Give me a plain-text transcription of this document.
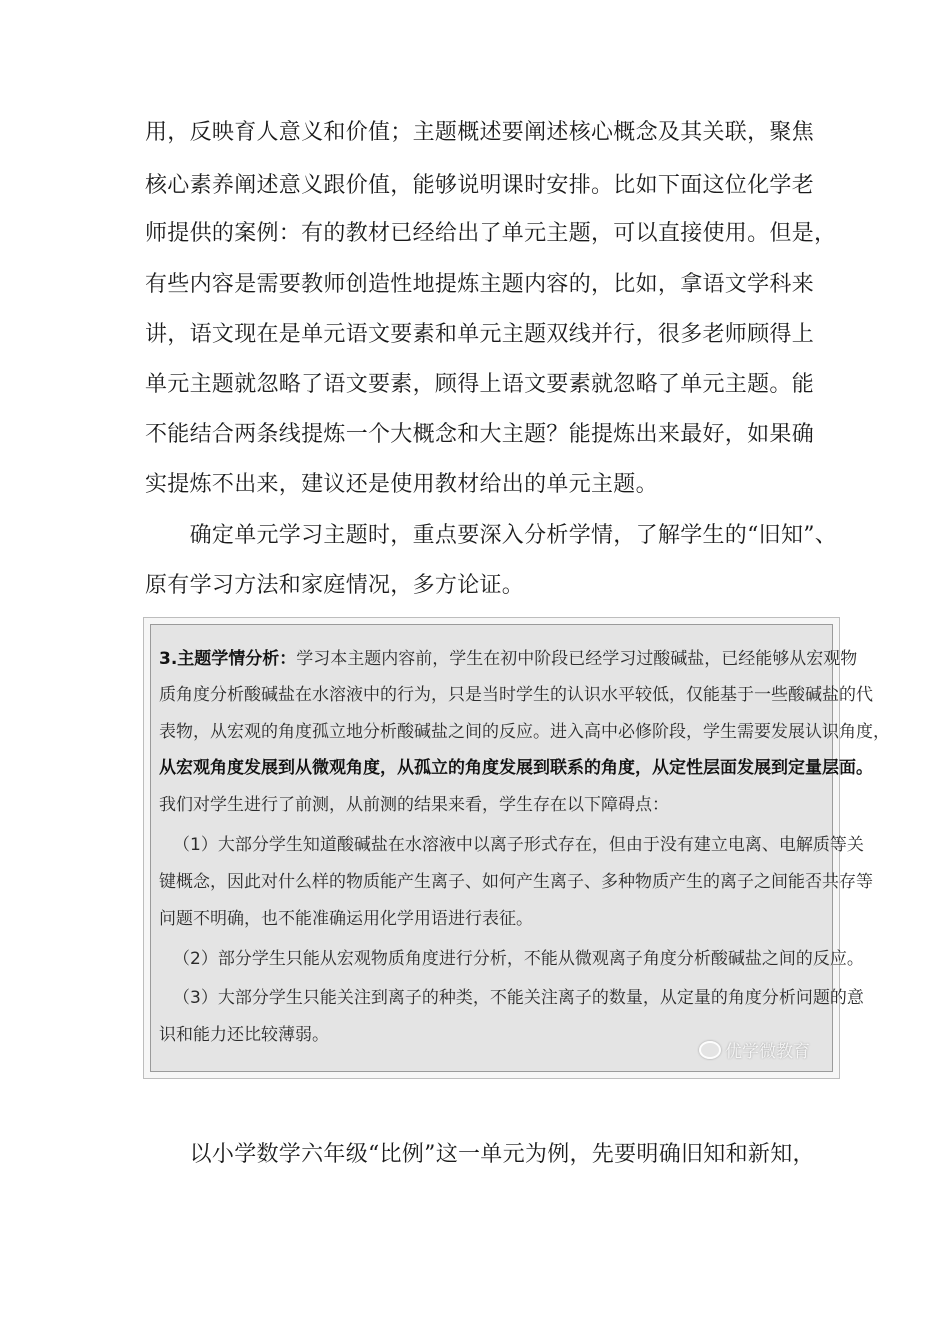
用，反映育人意义和价值；主题概述要阐述核心概念及其关联，聚焦
核心素养阐述意义跟价值，能够说明课时安排。比如下面这位化学老
师提供的案例：有的教材已经给出了单元主题，可以直接使用。但是，
有些内容是需要教师创造性地提炼主题内容的，比如，拿语文学科来
讲，语文现在是单元语文要素和单元主题双线并行，很多老师顾得上
单元主题就忽略了语文要素，顾得上语文要素就忽略了单元主题。能
不能结合两条线提炼一个大概念和大主题？能提炼出来最好，如果确
实提炼不出来，建议还是使用教材给出的单元主题。
　　确定单元学习主题时，重点要深入分析学情，了解学生的“旧知”、
原有学习方法和家庭情况，多方论证。
3.主题学情分析：学习本主题内容前，学生在初中阶段已经学习过酸碱盐，已经能够从宏观物
质角度分析酸碱盐在水溶液中的行为，只是当时学生的认识水平较低，仅能基于一些酸碱盐的代
表物，从宏观的角度孤立地分析酸碱盐之间的反应。进入高中必修阶段，学生需要发展认识角度，
从宏观角度发展到从微观角度，从孤立的角度发展到联系的角度，从定性层面发展到定量层面。
我们对学生进行了前测，从前测的结果来看，学生存在以下障碍点：
（1）大部分学生知道酸碱盐在水溶液中以离子形式存在，但由于没有建立电离、电解质等关
键概念，因此对什么样的物质能产生离子、如何产生离子、多种物质产生的离子之间能否共存等
问题不明确，也不能准确运用化学用语进行表征。
（2）部分学生只能从宏观物质角度进行分析，不能从微观离子角度分析酸碱盐之间的反应。
（3）大部分学生只能关注到离子的种类，不能关注离子的数量，从定量的角度分析问题的意
识和能力还比较薄弱。
优学微教育
　　以小学数学六年级“比例”这一单元为例，先要明确旧知和新知，
